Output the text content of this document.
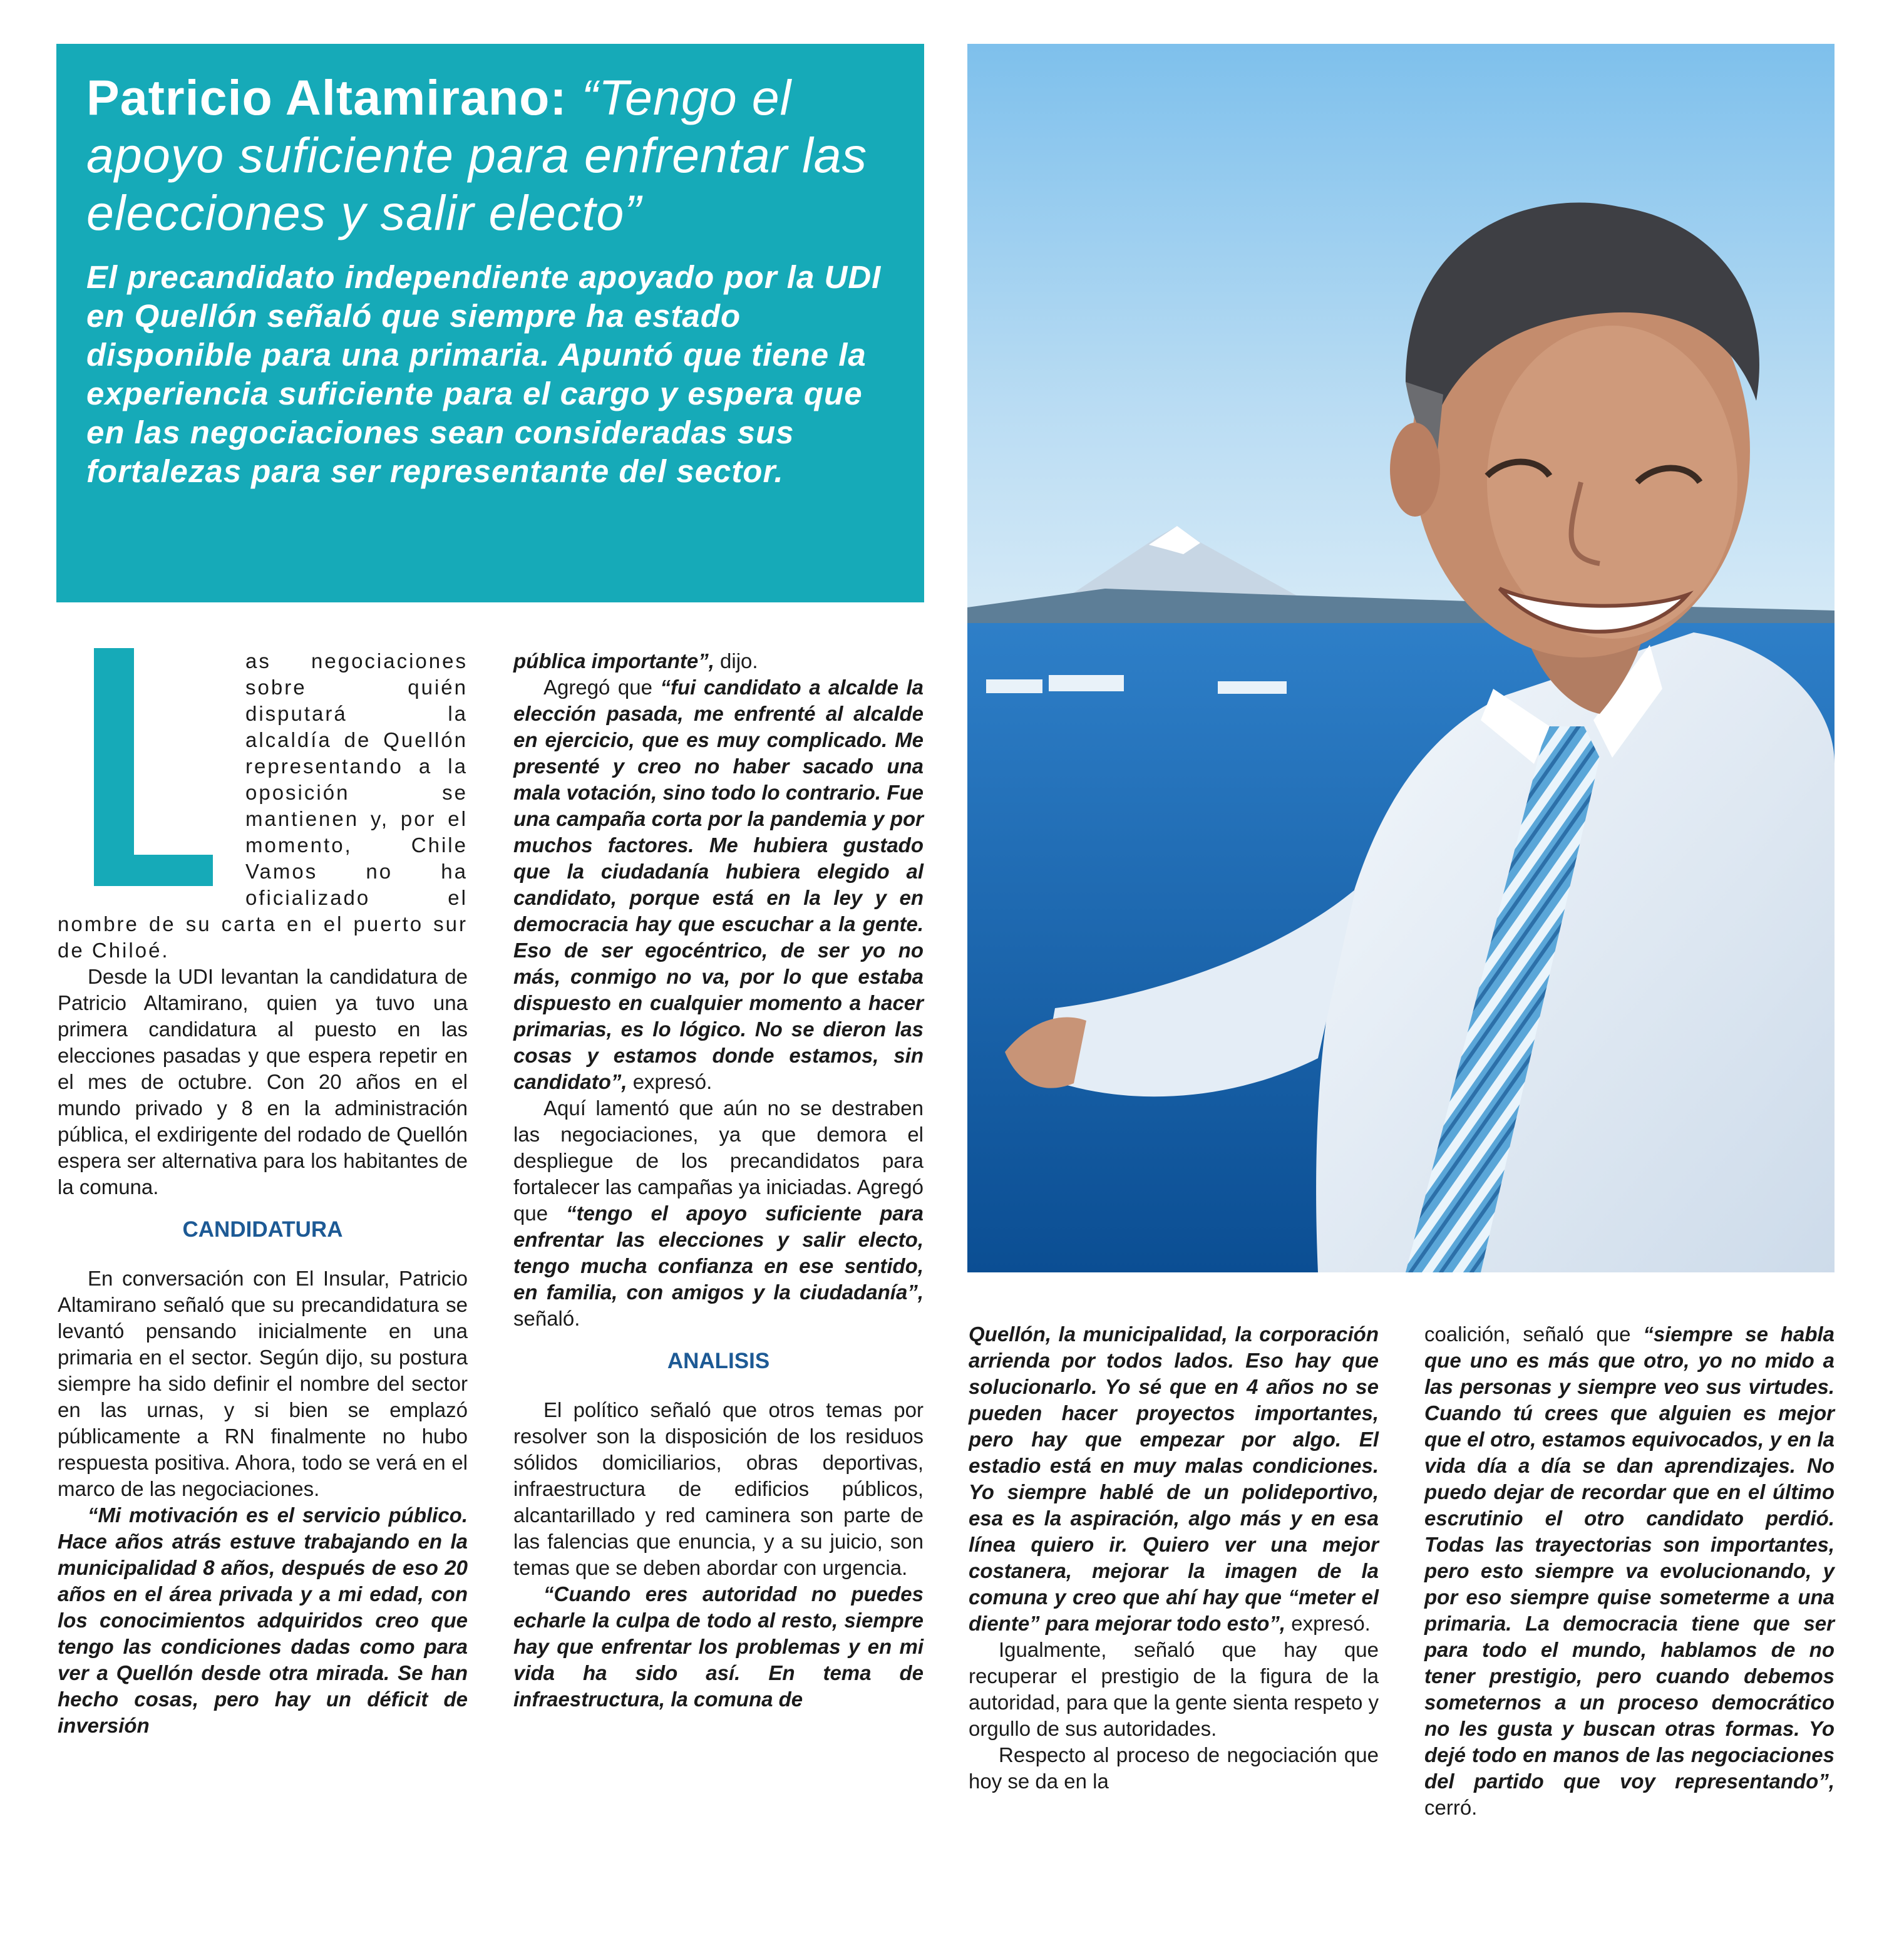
Patricio Altamirano: “Tengo el apoyo suficiente para enfrentar las elecciones y salir electo”
El precandidato independiente apoyado por la UDI en Quellón señaló que siempre ha estado disponible para una primaria. Apuntó que tiene la experiencia suficiente para el cargo y espera que en las negociaciones sean consideradas sus fortalezas para ser representante del sector.

as negociaciones sobre quién disputará la alcaldía de Quellón representando a la oposición se mantienen y, por el momento, Chile Vamos no ha oficializado el nombre de su carta en el puerto sur de Chiloé.

Desde la UDI levantan la candidatura de Patricio Altamirano, quien ya tuvo una primera candidatura al puesto en las elecciones pasadas y que espera repetir en el mes de octubre. Con 20 años en el mundo privado y 8 en la administración pública, el exdirigente del rodado de Quellón espera ser alternativa para los habitantes de la comuna.

CANDIDATURA

En conversación con El Insular, Patricio Altamirano señaló que su precandidatura se levantó pensando inicialmente en una primaria en el sector. Según dijo, su postura siempre ha sido definir el nombre del sector en las urnas, y si bien se emplazó públicamente a RN finalmente no hubo respuesta positiva. Ahora, todo se verá en el marco de las negociaciones.

“Mi motivación es el servicio público. Hace años atrás estuve trabajando en la municipalidad 8 años, después de eso 20 años en el área privada y a mi edad, con los conocimientos adquiridos creo que tengo las condiciones dadas como para ver a Quellón desde otra mirada. Se han hecho cosas, pero hay un déficit de inversión

pública importante”, dijo.

Agregó que “fui candidato a alcalde la elección pasada, me enfrenté al alcalde en ejercicio, que es muy complicado. Me presenté y creo no haber sacado una mala votación, sino todo lo contrario. Fue una campaña corta por la pandemia y por muchos factores. Me hubiera gustado que la ciudadanía hubiera elegido al candidato, porque está en la ley y en democracia hay que escuchar a la gente. Eso de ser egocéntrico, de ser yo no más, conmigo no va, por lo que estaba dispuesto en cualquier momento a hacer primarias, es lo lógico. No se dieron las cosas y estamos donde estamos, sin candidato”, expresó.

Aquí lamentó que aún no se destraben las negociaciones, ya que demora el despliegue de los precandidatos para fortalecer las campañas ya iniciadas. Agregó que “tengo el apoyo suficiente para enfrentar las elecciones y salir electo, tengo mucha confianza en ese sentido, en familia, con amigos y la ciudadanía”, señaló.

ANALISIS

El político señaló que otros temas por resolver son la disposición de los residuos sólidos domiciliarios, obras deportivas, infraestructura de edificios públicos, alcantarillado y red caminera son parte de las falencias que enuncia, y a su juicio, son temas que se deben abordar con urgencia.

“Cuando eres autoridad no puedes echarle la culpa de todo al resto, siempre hay que enfrentar los problemas y en mi vida ha sido así. En tema de infraestructura, la comuna de

Quellón, la municipalidad, la corporación arrienda por todos lados. Eso hay que solucionarlo. Yo sé que en 4 años no se pueden hacer proyectos importantes, pero hay que empezar por algo. El estadio está en muy malas condiciones. Yo siempre hablé de un polideportivo, esa es la aspiración, algo más y en esa línea quiero ir. Quiero ver una mejor costanera, mejorar la imagen de la comuna y creo que ahí hay que “meter el diente” para mejorar todo esto”, expresó.

Igualmente, señaló que hay que recuperar el prestigio de la figura de la autoridad, para que la gente sienta respeto y orgullo de sus autoridades.

Respecto al proceso de negociación que hoy se da en la

coalición, señaló que “siempre se habla que uno es más que otro, yo no mido a las personas y siempre veo sus virtudes. Cuando tú crees que alguien es mejor que el otro, estamos equivocados, y en la vida día a día se dan aprendizajes. No puedo dejar de recordar que en el último escrutinio el otro candidato perdió. Todas las trayectorias son importantes, pero esto siempre va evolucionando, y por eso siempre quise someterme a una primaria. La democracia tiene que ser para todo el mundo, hablamos de no tener prestigio, pero cuando debemos someternos a un proceso democrático no les gusta y buscan otras formas. Yo dejé todo en manos de las negociaciones del partido que voy representando”, cerró.
